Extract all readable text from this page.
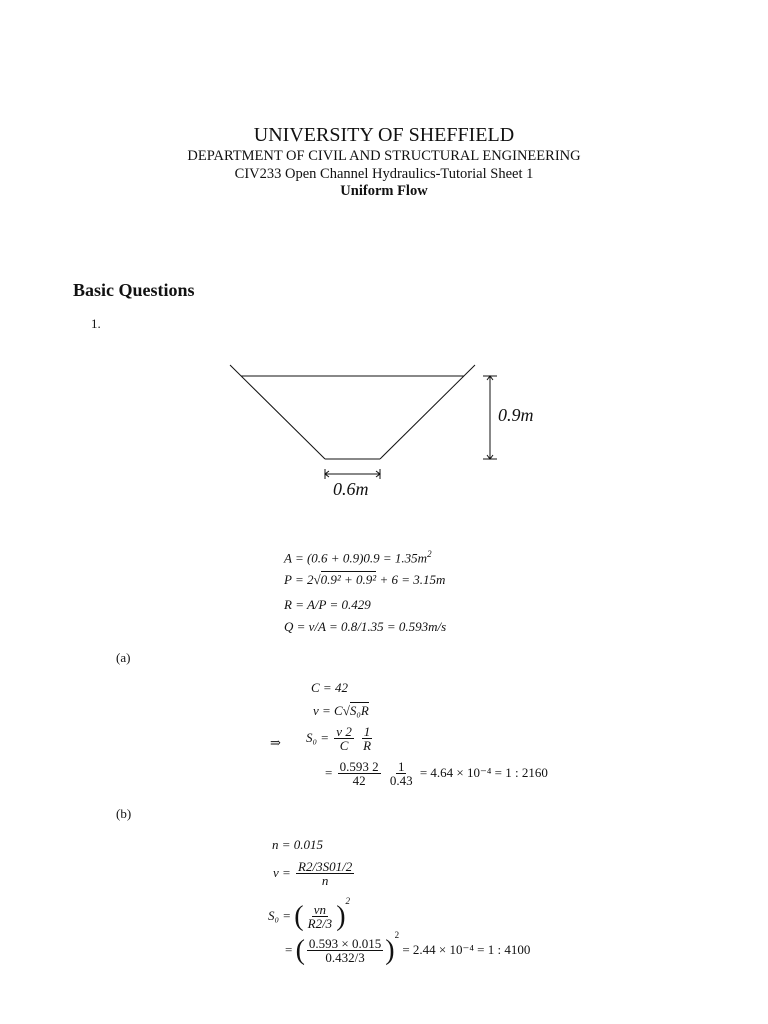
UNIVERSITY OF SHEFFIELD
DEPARTMENT OF CIVIL AND STRUCTURAL ENGINEERING
CIV233 Open Channel Hydraulics-Tutorial Sheet 1
Uniform Flow
Basic Questions
1.
0.9m
0.6m
$A = (0.6 + 0.9)0.9 = 1.35m^2$
P = 2√0.9² + 0.9² + 6 = 3.15m
R = A/P = 0.429
Q = v/A = 0.8/1.35 = 0.593m/s
(a)
C = 42
v = C√S₀R
⇒ $S_0 = \frac{v 2}{C}$
$\frac{1}{R}$
= $\frac{0.593 2}{42}$
$\frac{1}{0.43} = 4.64 \times 10^{-4} = 1$ : 2160
(b)
n = 0.015
$v = \frac{R2/3S01/2}{n}$
S₀ = ( $\frac{vn}{R2/3} )^2$
= ( $\frac{0.593 \times 0.015}{0.432/3} )^2 = 2.44 \times 10^{-4} = 1$ : 4100
